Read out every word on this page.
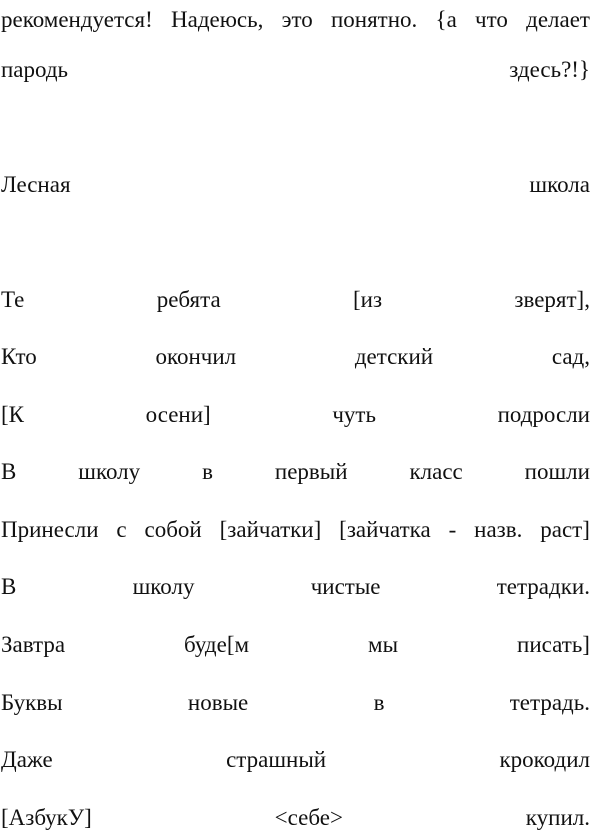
рекомендуется! Надеюсь, это понятно. {а что делает
пародь	здесь?!}
Лесная	школа
Те	ребята	[из	зверят],
Кто	окончил	детский	сад,
[К	осени]	чуть	подросли
В	школу	в	первый	класс	пошли
Принесли с собой [зайчатки] [зайчатка - назв. раст]
В	школу	чистые	тетрадки.
Завтра	буде[м	мы	писать]
Буквы	новые	в	тетрадь.
Даже	страшный	крокодил
[АзбукУ]	<себе>	купил.
